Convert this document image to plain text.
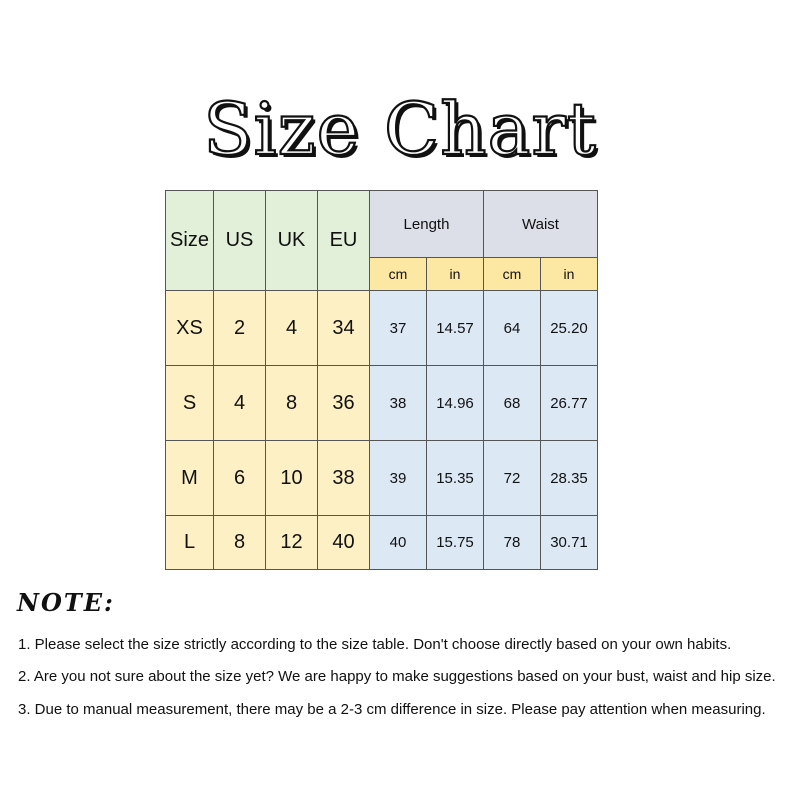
Size Chart
Size	US	UK	EU	Length		Waist	
				cm	in	cm	in
XS	2	4	34	37	14.57	64	25.20
S	4	8	36	38	14.96	68	26.77
M	6	10	38	39	15.35	72	28.35
L	8	12	40	40	15.75	78	30.71
NOTE:
1. Please select the size strictly according to the size table. Don't choose directly based on your own habits.
2. Are you not sure about the size yet? We are happy to make suggestions based on your bust, waist and hip size.
3. Due to manual measurement, there may be a 2-3 cm difference in size. Please pay attention when measuring.
